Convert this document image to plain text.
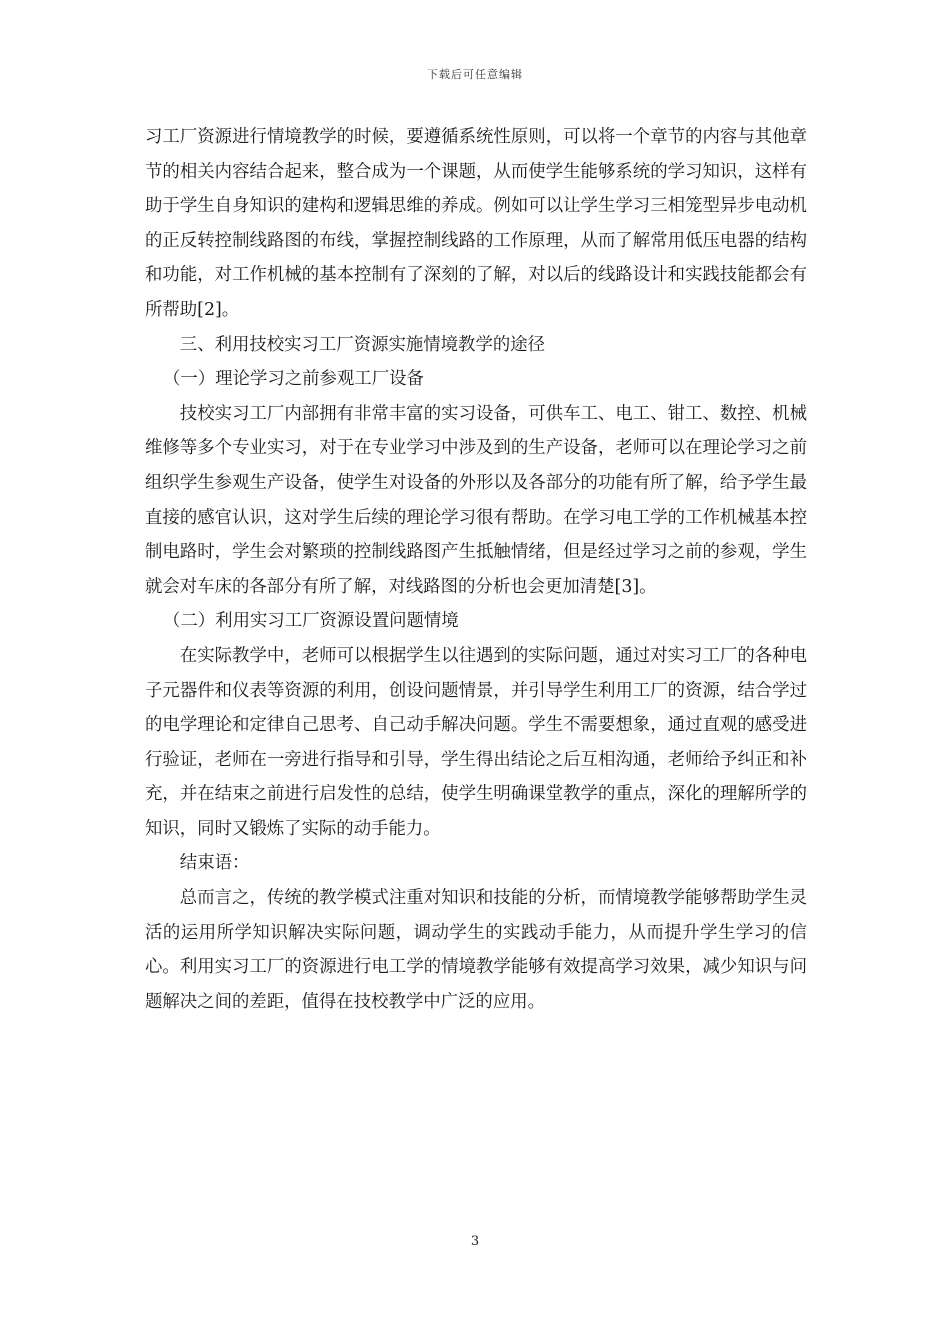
下载后可任意编辑

习工厂资源进行情境教学的时候，要遵循系统性原则，可以将一个章节的内容与其他章节的相关内容结合起来，整合成为一个课题，从而使学生能够系统的学习知识，这样有助于学生自身知识的建构和逻辑思维的养成。例如可以让学生学习三相笼型异步电动机的正反转控制线路图的布线，掌握控制线路的工作原理，从而了解常用低压电器的结构和功能，对工作机械的基本控制有了深刻的了解，对以后的线路设计和实践技能都会有所帮助[2]。

三、利用技校实习工厂资源实施情境教学的途径

（一）理论学习之前参观工厂设备

技校实习工厂内部拥有非常丰富的实习设备，可供车工、电工、钳工、数控、机械维修等多个专业实习，对于在专业学习中涉及到的生产设备，老师可以在理论学习之前组织学生参观生产设备，使学生对设备的外形以及各部分的功能有所了解，给予学生最直接的感官认识，这对学生后续的理论学习很有帮助。在学习电工学的工作机械基本控制电路时，学生会对繁琐的控制线路图产生抵触情绪，但是经过学习之前的参观，学生就会对车床的各部分有所了解，对线路图的分析也会更加清楚[3]。

（二）利用实习工厂资源设置问题情境

在实际教学中，老师可以根据学生以往遇到的实际问题，通过对实习工厂的各种电子元器件和仪表等资源的利用，创设问题情景，并引导学生利用工厂的资源，结合学过的电学理论和定律自己思考、自己动手解决问题。学生不需要想象，通过直观的感受进行验证，老师在一旁进行指导和引导，学生得出结论之后互相沟通，老师给予纠正和补充，并在结束之前进行启发性的总结，使学生明确课堂教学的重点，深化的理解所学的知识，同时又锻炼了实际的动手能力。

结束语：

总而言之，传统的教学模式注重对知识和技能的分析，而情境教学能够帮助学生灵活的运用所学知识解决实际问题，调动学生的实践动手能力，从而提升学生学习的信心。利用实习工厂的资源进行电工学的情境教学能够有效提高学习效果，减少知识与问题解决之间的差距，值得在技校教学中广泛的应用。

3
